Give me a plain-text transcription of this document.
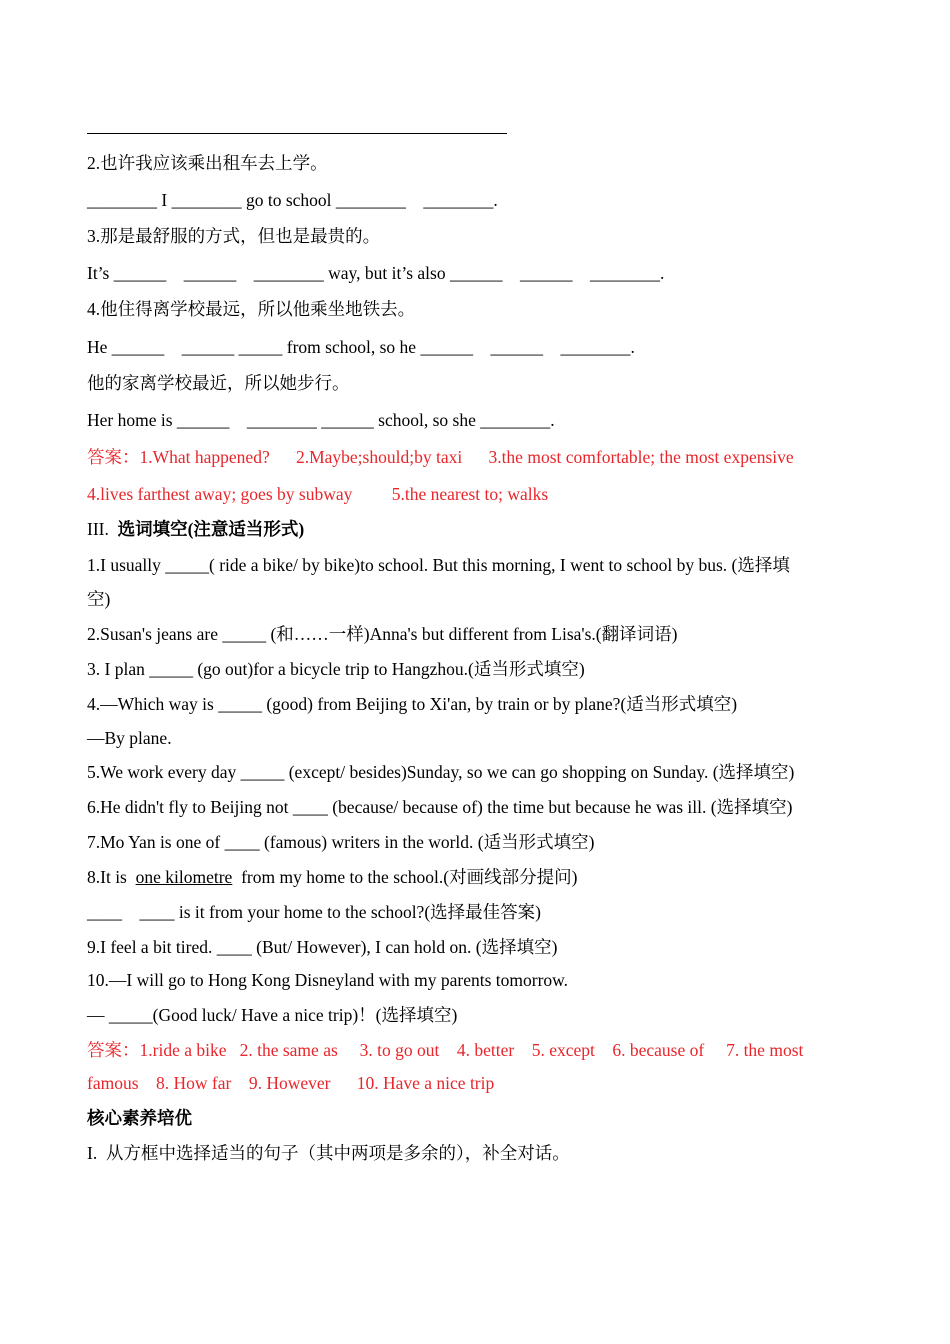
2.也许我应该乘出租车去上学。
________ I ________ go to school ________    ________.
3.那是最舒服的方式，但也是最贵的。
It’s ______    ______    ________ way, but it’s also ______    ______    ________.
4.他住得离学校最远，所以他乘坐地铁去。
He ______    ______ _____ from school, so he ______    ______    ________.
他的家离学校最近，所以她步行。
Her home is ______    ________ ______ school, so she ________.
答案：1.What happened?      2.Maybe;should;by taxi      3.the most comfortable; the most expensive
4.lives farthest away; goes by subway         5.the nearest to; walks
III.  选词填空(注意适当形式)
1.I usually _____( ride a bike/ by bike)to school. But this morning, I went to school by bus. (选择填
空)
2.Susan's jeans are _____ (和……一样)Anna's but different from Lisa's.(翻译词语)
3. I plan _____ (go out)for a bicycle trip to Hangzhou.(适当形式填空)
4.—Which way is _____ (good) from Beijing to Xi'an, by train or by plane?(适当形式填空)
—By plane.
5.We work every day _____ (except/ besides)Sunday, so we can go shopping on Sunday. (选择填空)
6.He didn't fly to Beijing not ____ (because/ because of) the time but because he was ill. (选择填空)
7.Mo Yan is one of ____ (famous) writers in the world. (适当形式填空)
8.It is  one kilometre  from my home to the school.(对画线部分提问)
____    ____ is it from your home to the school?(选择最佳答案)
9.I feel a bit tired. ____ (But/ However), I can hold on. (选择填空)
10.—I will go to Hong Kong Disneyland with my parents tomorrow.
— _____(Good luck/ Have a nice trip)！(选择填空)
答案：1.ride a bike   2. the same as     3. to go out    4. better    5. except    6. because of     7. the most
famous    8. How far    9. However      10. Have a nice trip
核心素养培优
I.  从方框中选择适当的句子（其中两项是多余的），补全对话。
